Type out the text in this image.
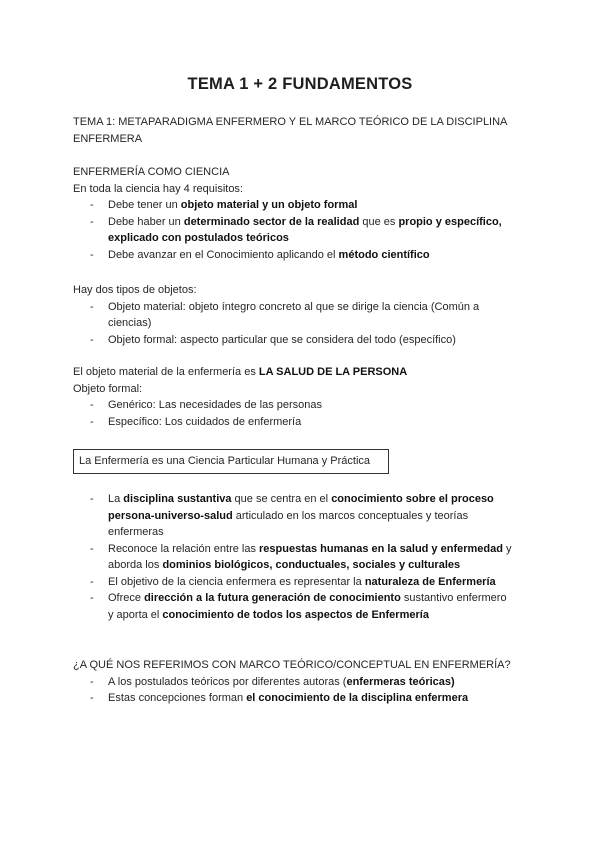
TEMA 1 + 2 FUNDAMENTOS
TEMA 1: METAPARADIGMA ENFERMERO Y EL MARCO TEÓRICO DE LA DISCIPLINA
ENFERMERA
ENFERMERÍA COMO CIENCIA
En toda la ciencia hay 4 requisitos:
- Debe tener un objeto material y un objeto formal
- Debe haber un determinado sector de la realidad que es propio y específico,
explicado con postulados teóricos
- Debe avanzar en el Conocimiento aplicando el método científico
Hay dos tipos de objetos:
- Objeto material: objeto íntegro concreto al que se dirige la ciencia (Común a
ciencias)
- Objeto formal: aspecto particular que se considera del todo (específico)
El objeto material de la enfermería es LA SALUD DE LA PERSONA
Objeto formal:
- Genérico: Las necesidades de las personas
- Específico: Los cuidados de enfermería
La Enfermería es una Ciencia Particular Humana y Práctica
- La disciplina sustantiva que se centra en el conocimiento sobre el proceso
persona-universo-salud articulado en los marcos conceptuales y teorías
enfermeras
- Reconoce la relación entre las respuestas humanas en la salud y enfermedad y
aborda los dominios biológicos, conductuales, sociales y culturales
- El objetivo de la ciencia enfermera es representar la naturaleza de Enfermería
- Ofrece dirección a la futura generación de conocimiento sustantivo enfermero
y aporta el conocimiento de todos los aspectos de Enfermería
¿A QUÉ NOS REFERIMOS CON MARCO TEÓRICO/CONCEPTUAL EN ENFERMERÍA?
- A los postulados teóricos por diferentes autoras (enfermeras teóricas)
- Estas concepciones forman el conocimiento de la disciplina enfermera
